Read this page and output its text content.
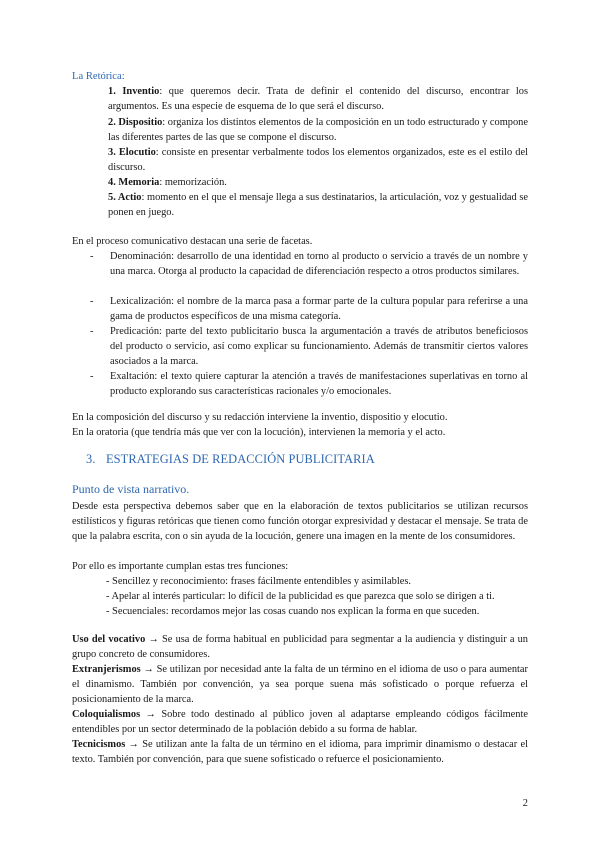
La Retórica:
1. Inventio: que queremos decir. Trata de definir el contenido del discurso, encontrar los argumentos. Es una especie de esquema de lo que será el discurso.
2. Dispositio: organiza los distintos elementos de la composición en un todo estructurado y compone las diferentes partes de las que se compone el discurso.
3. Elocutio: consiste en presentar verbalmente todos los elementos organizados, este es el estilo del discurso.
4. Memoria: memorización.
5. Actio: momento en el que el mensaje llega a sus destinatarios, la articulación, voz y gestualidad se ponen en juego.
En el proceso comunicativo destacan una serie de facetas.
- Denominación: desarrollo de una identidad en torno al producto o servicio a través de un nombre y una marca. Otorga al producto la capacidad de diferenciación respecto a otros productos similares.
- Lexicalización: el nombre de la marca pasa a formar parte de la cultura popular para referirse a una gama de productos específicos de una misma categoría.
- Predicación: parte del texto publicitario busca la argumentación a través de atributos beneficiosos del producto o servicio, así como explicar su funcionamiento. Además de transmitir ciertos valores asociados a la marca.
- Exaltación: el texto quiere capturar la atención a través de manifestaciones superlativas en torno al producto explorando sus características racionales y/o emocionales.
En la composición del discurso y su redacción interviene la inventio, dispositio y elocutio.
En la oratoria (que tendría más que ver con la locución), intervienen la memoria y el acto.
3. ESTRATEGIAS DE REDACCIÓN PUBLICITARIA
Punto de vista narrativo.
Desde esta perspectiva debemos saber que en la elaboración de textos publicitarios se utilizan recursos estilísticos y figuras retóricas que tienen como función otorgar expresividad y destacar el mensaje. Se trata de que la palabra escrita, con o sin ayuda de la locución, genere una imagen en la mente de los consumidores.
Por ello es importante cumplan estas tres funciones:
- Sencillez y reconocimiento: frases fácilmente entendibles y asimilables.
- Apelar al interés particular: lo difícil de la publicidad es que parezca que solo se dirigen a ti.
- Secuenciales: recordamos mejor las cosas cuando nos explican la forma en que suceden.
Uso del vocativo → Se usa de forma habitual en publicidad para segmentar a la audiencia y distinguir a un grupo concreto de consumidores.
Extranjerismos → Se utilizan por necesidad ante la falta de un término en el idioma de uso o para aumentar el dinamismo. También por convención, ya sea porque suena más sofisticado o porque refuerza el posicionamiento de la marca.
Coloquialismos → Sobre todo destinado al público joven al adaptarse empleando códigos fácilmente entendibles por un sector determinado de la población debido a su forma de hablar.
Tecnicismos → Se utilizan ante la falta de un término en el idioma, para imprimir dinamismo o destacar el texto. También por convención, para que suene sofisticado o refuerce el posicionamiento.
2
